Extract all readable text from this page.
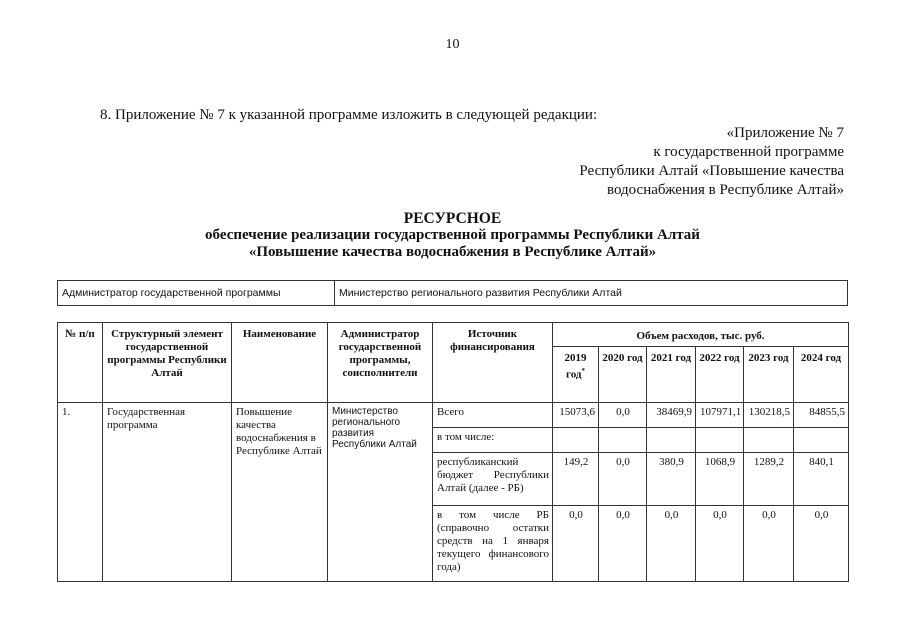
10
8. Приложение № 7 к указанной программе изложить в следующей редакции:
«Приложение № 7
к государственной программе
Республики Алтай «Повышение качества
водоснабжения в Республике Алтай»
РЕСУРСНОЕ
обеспечение реализации государственной программы Республики Алтай
«Повышение качества водоснабжения в Республике Алтай»
Администратор государственной программы	Министерство регионального развития Республики Алтай
№ п/п	Структурный элемент государственной программы Республики Алтай	Наименование	Администратор государственной программы, соисполнители	Источник финансирования	Объем расходов, тыс. руб.					
					2019 год*	2020 год	2021 год	2022 год	2023 год	2024 год
1.	Государственная программа	Повышение качества водоснабжения в Республике Алтай	Министерство регионального развития Республики Алтай	Всего	15073,6	0,0	38469,9	107971,1	130218,5	84855,5
				в том числе:						
				республиканский бюджет Республики Алтай (далее - РБ)	149,2	0,0	380,9	1068,9	1289,2	840,1
				в том числе РБ (справочно остатки средств на 1 января текущего финансового года)	0,0	0,0	0,0	0,0	0,0	0,0
